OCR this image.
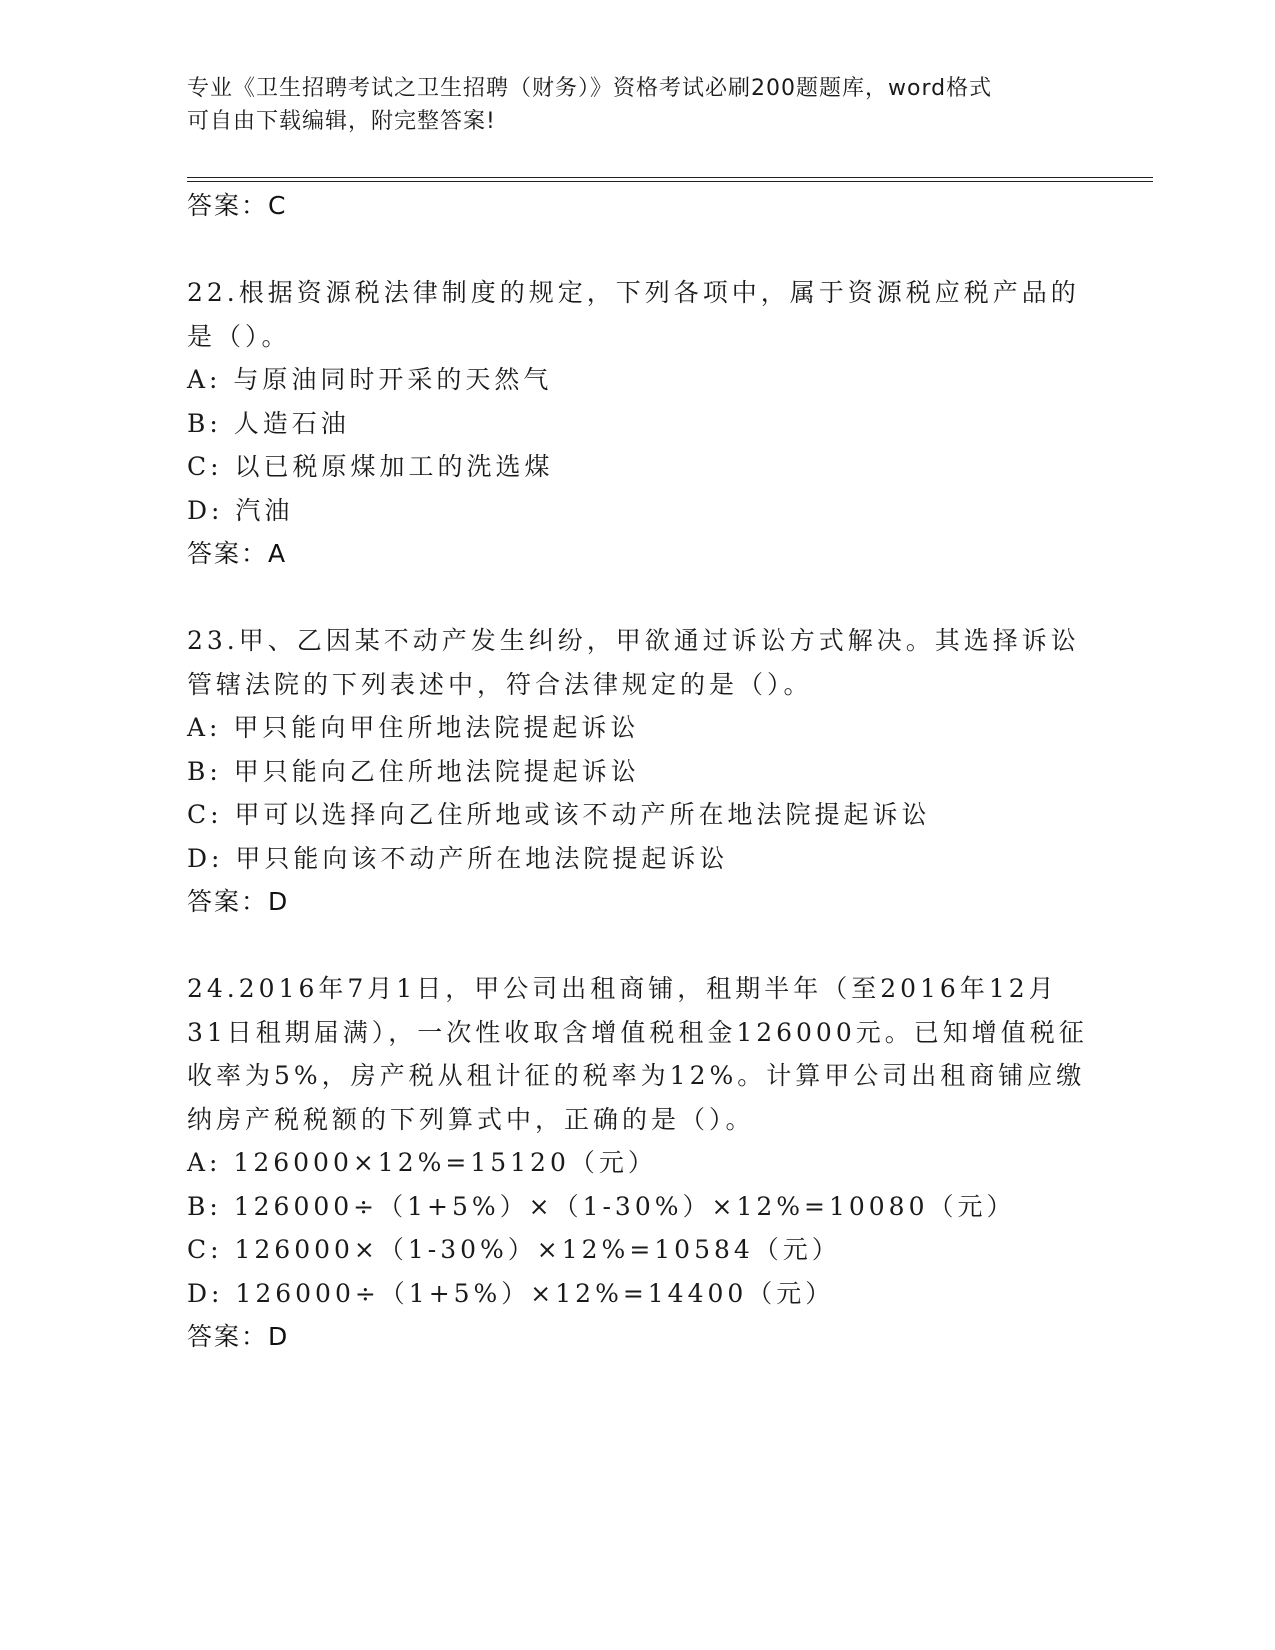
专业《卫生招聘考试之卫生招聘（财务）》资格考试必刷200题题库，word格式
可自由下载编辑，附完整答案!
答案：C
22.根据资源税法律制度的规定，下列各项中，属于资源税应税产品的
是（）。
A: 与原油同时开采的天然气
B: 人造石油
C: 以已税原煤加工的洗选煤
D: 汽油
答案：A
23.甲、乙因某不动产发生纠纷，甲欲通过诉讼方式解决。其选择诉讼
管辖法院的下列表述中，符合法律规定的是（）。
A: 甲只能向甲住所地法院提起诉讼
B: 甲只能向乙住所地法院提起诉讼
C: 甲可以选择向乙住所地或该不动产所在地法院提起诉讼
D: 甲只能向该不动产所在地法院提起诉讼
答案：D
24.2016年7月1日，甲公司出租商铺，租期半年（至2016年12月
31日租期届满），一次性收取含增值税租金126000元。已知增值税征
收率为5%，房产税从租计征的税率为12%。计算甲公司出租商铺应缴
纳房产税税额的下列算式中，正确的是（）。
A: 126000×12%=15120（元）
B: 126000÷（1+5%）×（1-30%）×12%=10080（元）
C: 126000×（1-30%）×12%=10584（元）
D: 126000÷（1+5%）×12%=14400（元）
答案：D
